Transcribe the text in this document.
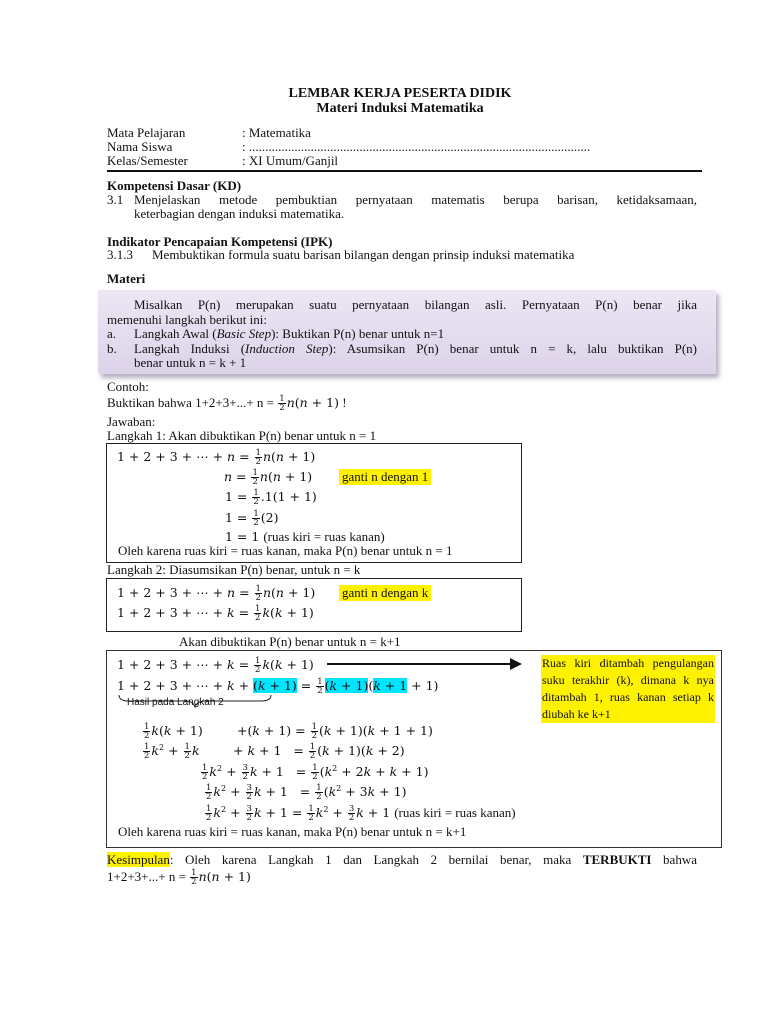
LEMBAR KERJA PESERTA DIDIK
Materi Induksi Matematika
Mata Pelajaran	: Matematika
Nama Siswa	: .........................................................................................................
Kelas/Semester	: XI Umum/Ganjil
Kompetensi Dasar (KD)
3.1 Menjelaskan metode pembuktian pernyataan matematis berupa barisan, ketidaksamaan,
keterbagian dengan induksi matematika.
Indikator Pencapaian Kompetensi (IPK)
3.1.3 Membuktikan formula suatu barisan bilangan dengan prinsip induksi matematika
Materi
Misalkan P(n) merupakan suatu pernyataan bilangan asli. Pernyataan P(n) benar jika
memenuhi langkah berikut ini:
a. Langkah Awal (Basic Step): Buktikan P(n) benar untuk n=1
b. Langkah Induksi (Induction Step): Asumsikan P(n) benar untuk n = k, lalu buktikan P(n)
benar untuk n = k + 1
Contoh:
Buktikan bahwa $1+2+3+...+ n = \frac{1}{2} n(n + 1)$ !
Jawaban:
Langkah 1: Akan dibuktikan P(n) benar untuk n = 1
1 + 2 + 3 + ⋯ + $n = \frac{1}{2} n(n + 1)$
$n = \frac{1}{2} n(n + 1)$ ganti n dengan 1
$1 = \frac{1}{2} .1(1 + 1)$
$1 = \frac{1}{2} (2)$
1 = 1 (ruas kiri = ruas kanan)
Oleh karena ruas kiri = ruas kanan, maka P(n) benar untuk n = 1
Langkah 2: Diasumsikan P(n) benar, untuk n = k
1 + 2 + 3 + ⋯ + $n = \frac{1}{2} n(n + 1)$ ganti n dengan k
1 + 2 + 3 + ⋯ + $k = \frac{1}{2} k(k + 1)$
Akan dibuktikan P(n) benar untuk n = k+1
1 + 2 + 3 + ⋯ + $k = \frac{1}{2} k(k + 1)$	Ruas kiri ditambah pengulangan suku terakhir (k), dimana k nya ditambah 1, ruas kanan setiap k diubah ke k+1
1 + 2 + 3 + ⋯ + $k + (k + 1) = \frac{1}{2} (k + 1)(k + 1 + 1)$
Hasil pada Langkah 2
$\frac{1}{2} k(k + 1)$	$+(k + 1) = \frac{1}{2} (k + 1)(k + 1 + 1)$
$\frac{1}{2} k^2 + \frac{1}{2}$ k	+ $k + 1 = \frac{1}{2} (k + 1)(k + 2)$
$\frac{1}{2} k^2 + \frac{3}{2}$ $k + 1 = \frac{1}{2} (k^2 + 2k + k + 1)$
$\frac{1}{2} k^2 + \frac{3}{2}$ $k + 1 = \frac{1}{2} (k^2 + 3k + 1)$
$\frac{1}{2} k^2 + \frac{3}{2}$ $k + 1 = \frac{1}{2} k^2 + \frac{3}{2}$ k + 1 (ruas kiri = ruas kanan)
Oleh karena ruas kiri = ruas kanan, maka P(n) benar untuk n = k+1
Kesimpulan: Oleh karena Langkah 1 dan Langkah 2 bernilai benar, maka TERBUKTI bahwa
$1+2+3+...+ n = \frac{1}{2} n(n + 1)$
